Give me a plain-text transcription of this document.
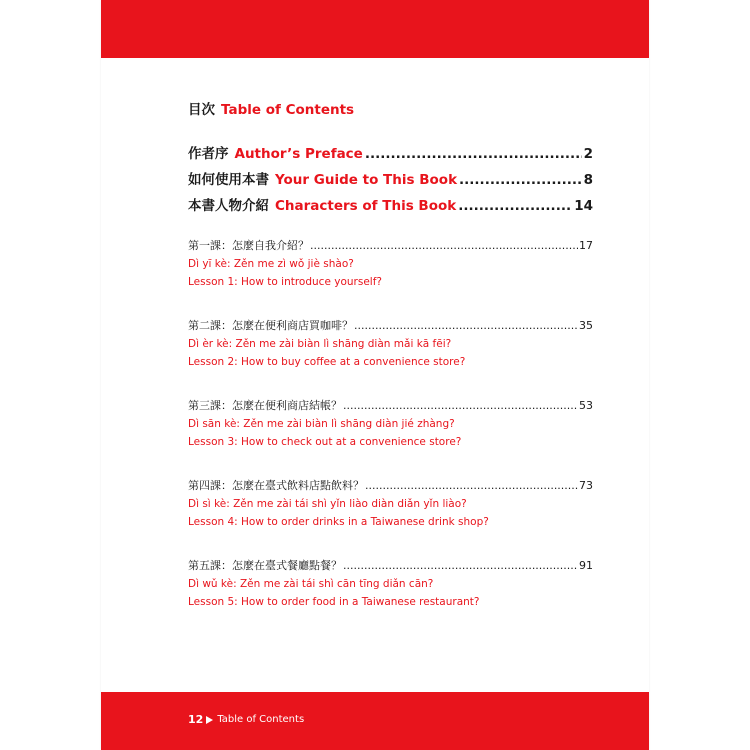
目次 Table of Contents
作者序 Author’s Preface .....	2
如何使用本書 Your Guide to This Book .....	8
本書人物介紹 Characters of This Book .....	14
第一課：怎麼自我介紹？ .....	17
Dì yī kè: Zěn me zì wǒ jiè shào?
Lesson 1: How to introduce yourself?
第二課：怎麼在便利商店買咖啡？ .....	35
Dì èr kè: Zěn me zài biàn lì shāng diàn mǎi kā fēi?
Lesson 2: How to buy coffee at a convenience store?
第三課：怎麼在便利商店結帳？ .....	53
Dì sān kè: Zěn me zài biàn lì shāng diàn jié zhàng?
Lesson 3: How to check out at a convenience store?
第四課：怎麼在臺式飲料店點飲料？ .....	73
Dì sì kè: Zěn me zài tái shì yǐn liào diàn diǎn yǐn liào?
Lesson 4: How to order drinks in a Taiwanese drink shop?
第五課：怎麼在臺式餐廳點餐？ .....	91
Dì wǔ kè: Zěn me zài tái shì cān tīng diǎn cān?
Lesson 5: How to order food in a Taiwanese restaurant?
12 Table of Contents
